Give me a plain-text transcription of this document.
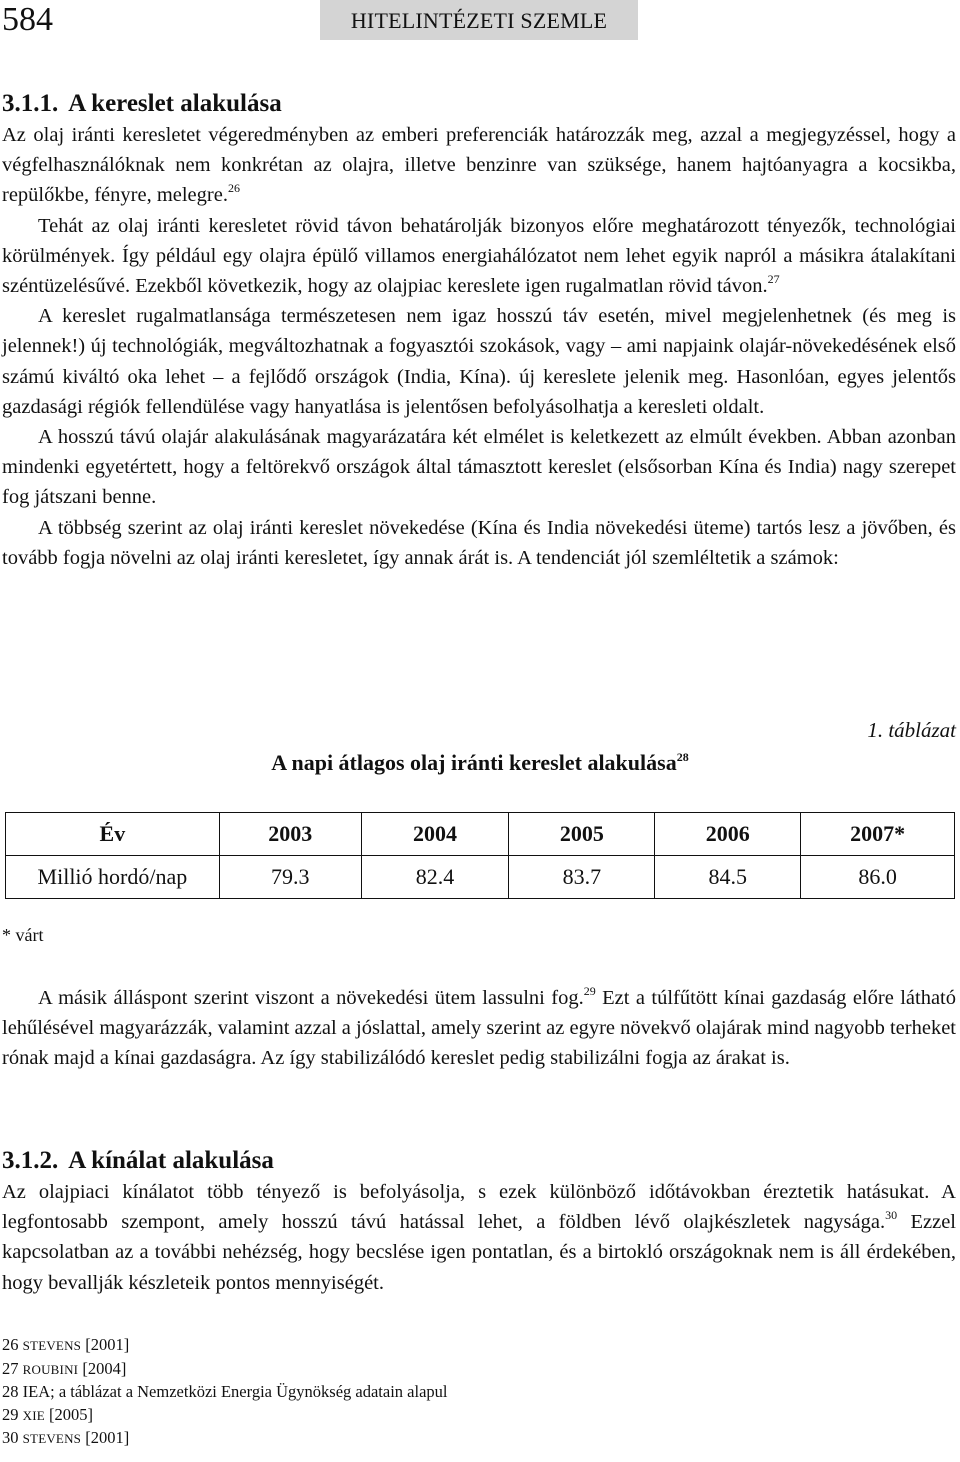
584	HITELINTÉZETI SZEMLE
3.1.1. A kereslet alakulása

Az olaj iránti keresletet végeredményben az emberi preferenciák határozzák meg, azzal a megjegyzéssel, hogy a végfelhasználóknak nem konkrétan az olajra, illetve benzinre van szüksége, hanem hajtóanyagra a kocsikba, repülőkbe, fényre, melegre.$^{26}$

Tehát az olaj iránti keresletet rövid távon behatárolják bizonyos előre meghatározott tényezők, technológiai körülmények. Így például egy olajra épülő villamos energiahálózatot nem lehet egyik napról a másikra átalakítani széntüzelésűvé. Ezekből következik, hogy az olajpiac kereslete igen rugalmatlan rövid távon.$^{27}$

A kereslet rugalmatlansága természetesen nem igaz hosszú táv esetén, mivel megjelenhetnek (és meg is jelennek!) új technológiák, megváltozhatnak a fogyasztói szokások, vagy – ami napjaink olajár-növekedésének első számú kiváltó oka lehet – a fejlődő országok (India, Kína). új kereslete jelenik meg. Hasonlóan, egyes jelentős gazdasági régiók fellendülése vagy hanyatlása is jelentősen befolyásolhatja a keresleti oldalt.

A hosszú távú olajár alakulásának magyarázatára két elmélet is keletkezett az elmúlt években. Abban azonban mindenki egyetértett, hogy a feltörekvő országok által támasztott kereslet (elsősorban Kína és India) nagy szerepet fog játszani benne.

A többség szerint az olaj iránti kereslet növekedése (Kína és India növekedési üteme) tartós lesz a jövőben, és tovább fogja növelni az olaj iránti keresletet, így annak árát is. A tendenciát jól szemléltetik a számok:

1. táblázat
A napi átlagos olaj iránti kereslet alakulása$^{28}$
Év	2003	2004	2005	2006	2007*
Millió hordó/nap	79.3	82.4	83.7	84.5	86.0
* várt

A másik álláspont szerint viszont a növekedési ütem lassulni fog.$^{29}$ Ezt a túlfűtött kínai gazdaság előre látható lehűlésével magyarázzák, valamint azzal a jóslattal, amely szerint az egyre növekvő olajárak mind nagyobb terheket rónak majd a kínai gazdaságra. Az így stabilizálódó kereslet pedig stabilizálni fogja az árakat is.

3.1.2. A kínálat alakulása

Az olajpiaci kínálatot több tényező is befolyásolja, s ezek különböző időtávokban éreztetik hatásukat. A legfontosabb szempont, amely hosszú távú hatással lehet, a földben lévő olajkészletek nagysága.$^{30}$ Ezzel kapcsolatban az a további nehézség, hogy becslése igen pontatlan, és a birtokló országoknak nem is áll érdekében, hogy bevallják készleteik pontos mennyiségét.

26 STEVENS [2001]
27 ROUBINI [2004]
28 IEA; a táblázat a Nemzetközi Energia Ügynökség adatain alapul
29 XIE [2005]
30 STEVENS [2001]
